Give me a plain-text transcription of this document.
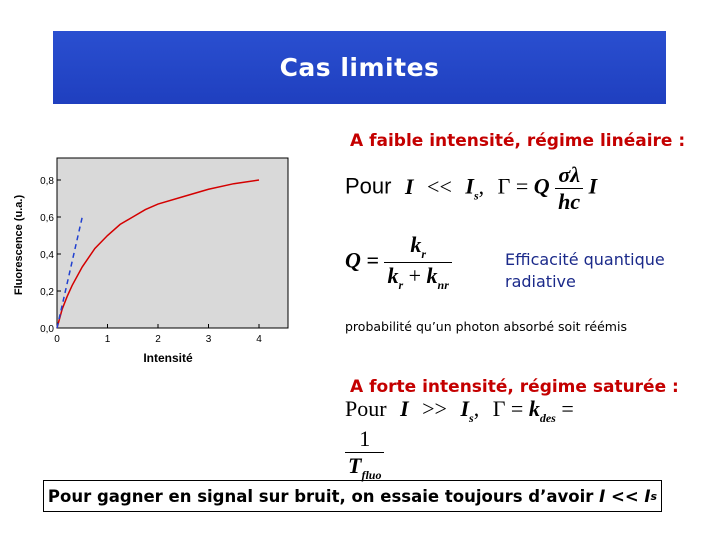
Cas limites
A faible intensité, régime linéaire :
0	1	2	3	4
0,0
0,2
0,4
0,6
0,8
Intensité
Fluorescence (u.a.)
Pour $I << I_s$, Γ = Q $\frac{\sigma\lambda}{hc}$ I
$Q = \frac{k_r}{k_r + k_{nr}}$	Efficacité quantique
radiative
probabilité qu’un photon absorbé soit réémis
A forte intensité, régime saturée :
Pour $I >> I_s$, $\Gamma = k_{des}$ =
$\frac{1}{T_{fluo}}$
Pour gagner en signal sur bruit, on essaie toujours d’avoir I << I s
